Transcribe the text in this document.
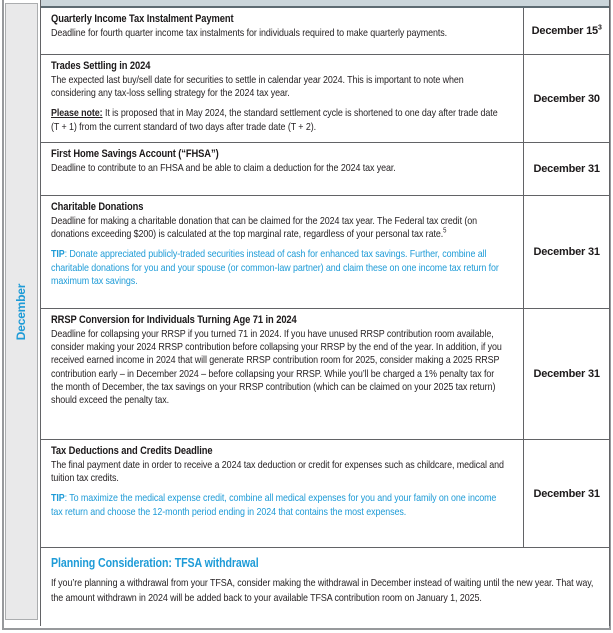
December
Quarterly Income Tax Instalment Payment

Deadline for fourth quarter income tax instalments for individuals required to make quarterly payments.	December $15^3$
Trades Settling in 2024

The expected last buy/sell date for securities to settle in calendar year 2024. This is important to note when considering any tax-loss selling strategy for the 2024 tax year.

Please note: It is proposed that in May 2024, the standard settlement cycle is shortened to one day after trade date (T + 1) from the current standard of two days after trade date (T + 2).

December 30
First Home Savings Account (“FHSA”)

Deadline to contribute to an FHSA and be able to claim a deduction for the 2024 tax year.	December 31
Charitable Donations

Deadline for making a charitable donation that can be claimed for the 2024 tax year. The Federal tax credit (on donations exceeding $200) is calculated at the top marginal rate, regardless of your personal tax rate.$^5$

TIP: Donate appreciated publicly-traded securities instead of cash for enhanced tax savings. Further, combine all charitable donations for you and your spouse (or common-law partner) and claim these on one income tax return for maximum tax savings.

December 31
RRSP Conversion for Individuals Turning Age 71 in 2024

Deadline for collapsing your RRSP if you turned 71 in 2024. If you have unused RRSP contribution room available, consider making your 2024 RRSP contribution before collapsing your RRSP by the end of the year. In addition, if you received earned income in 2024 that will generate RRSP contribution room for 2025, consider making a 2025 RRSP contribution early – in December 2024 – before collapsing your RRSP. While you’ll be charged a 1% penalty tax for the month of December, the tax savings on your RRSP contribution (which can be claimed on your 2025 tax return) should exceed the penalty tax.

December 31
Tax Deductions and Credits Deadline

The final payment date in order to receive a 2024 tax deduction or credit for expenses such as childcare, medical and tuition tax credits.

TIP: To maximize the medical expense credit, combine all medical expenses for you and your family on one income tax return and choose the 12-month period ending in 2024 that contains the most expenses.

December 31
Planning Consideration: TFSA withdrawal

If you’re planning a withdrawal from your TFSA, consider making the withdrawal in December instead of waiting until the new year. That way, the amount withdrawn in 2024 will be added back to your available TFSA contribution room on January 1, 2025.
